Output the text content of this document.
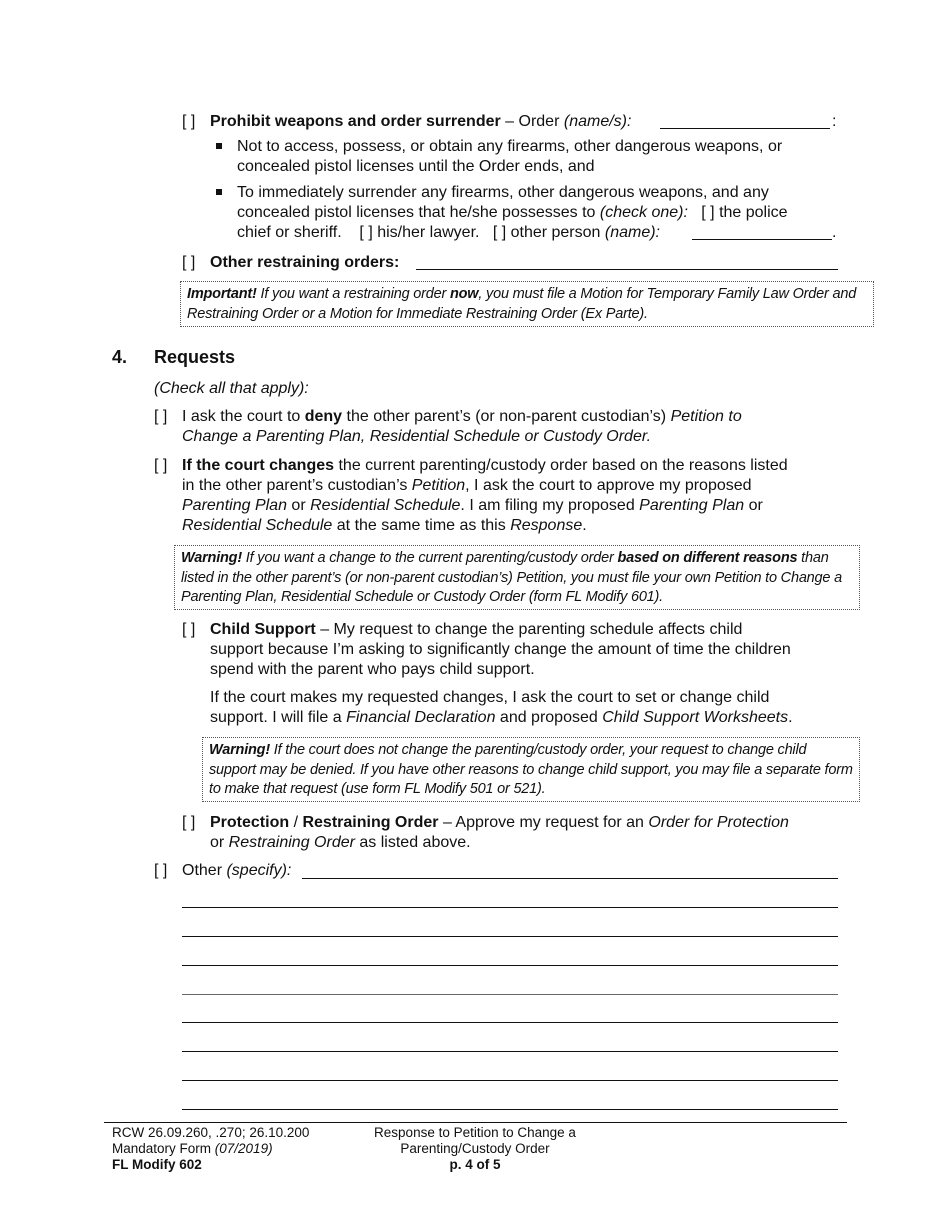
[ ] Prohibit weapons and order surrender – Order (name/s):	:
Not to access, possess, or obtain any firearms, other dangerous weapons, or concealed pistol licenses until the Order ends, and
To immediately surrender any firearms, other dangerous weapons, and any
concealed pistol licenses that he/she possesses to (check one): [ ] the police
chief or sheriff. [ ] his/her lawyer. [ ] other person (name):	.
[ ] Other restraining orders:
Important! If you want a restraining order now, you must file a Motion for Temporary Family Law Order and Restraining Order or a Motion for Immediate Restraining Order (Ex Parte).
4. Requests
(Check all that apply):
[ ] I ask the court to deny the other parent’s (or non-parent custodian’s) Petition to
Change a Parenting Plan, Residential Schedule or Custody Order.
[ ] If the court changes the current parenting/custody order based on the reasons listed
in the other parent’s custodian’s Petition, I ask the court to approve my proposed
Parenting Plan or Residential Schedule. I am filing my proposed Parenting Plan or
Residential Schedule at the same time as this Response.
Warning! If you want a change to the current parenting/custody order based on different reasons than listed in the other parent’s (or non-parent custodian’s) Petition, you must file your own Petition to Change a Parenting Plan, Residential Schedule or Custody Order (form FL Modify 601).
[ ] Child Support – My request to change the parenting schedule affects child
support because I’m asking to significantly change the amount of time the children
spend with the parent who pays child support.
If the court makes my requested changes, I ask the court to set or change child
support. I will file a Financial Declaration and proposed Child Support Worksheets.
Warning! If the court does not change the parenting/custody order, your request to change child support may be denied. If you have other reasons to change child support, you may file a separate form to make that request (use form FL Modify 501 or 521).
[ ] Protection / Restraining Order – Approve my request for an Order for Protection
or Restraining Order as listed above.
[ ] Other (specify):
RCW 26.09.260, .270; 26.10.200
Mandatory Form (07/2019)
FL Modify 602
Response to Petition to Change a
Parenting/Custody Order
p. 4 of 5
